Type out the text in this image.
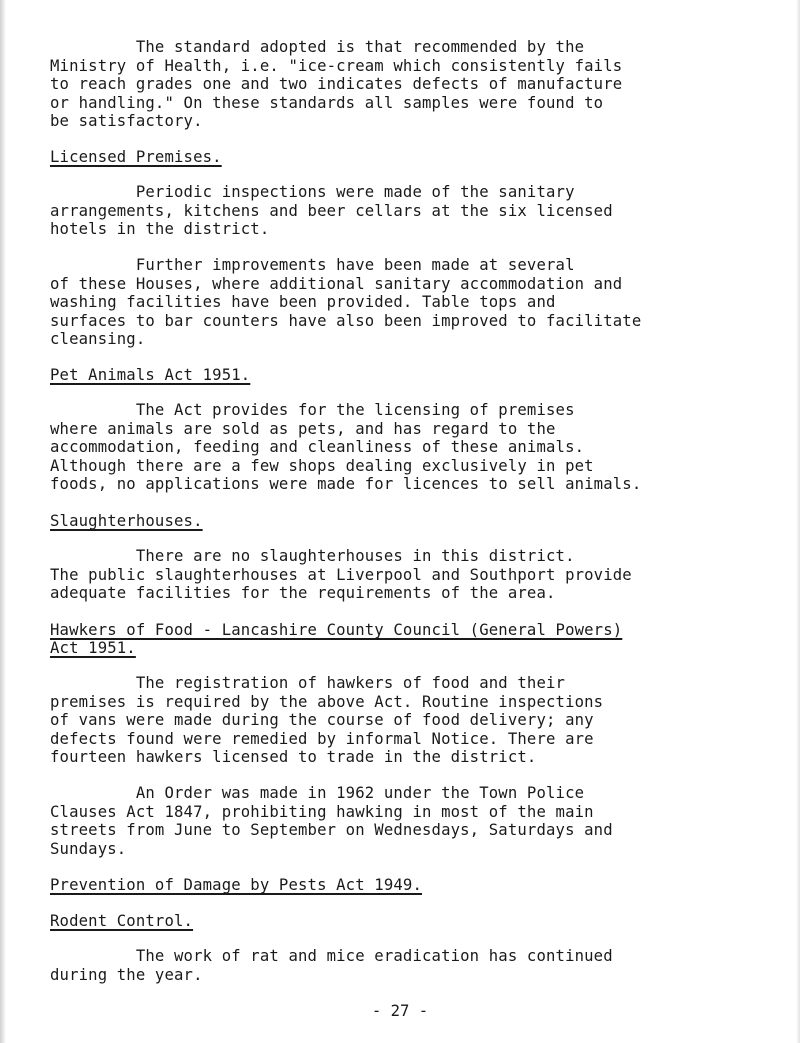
The standard adopted is that recommended by the
Ministry of Health, i.e. "ice-cream which consistently fails
to reach grades one and two indicates defects of manufacture
or handling." On these standards all samples were found to
be satisfactory.
Licensed Premises.
Periodic inspections were made of the sanitary
arrangements, kitchens and beer cellars at the six licensed
hotels in the district.
Further improvements have been made at several
of these Houses, where additional sanitary accommodation and
washing facilities have been provided. Table tops and
surfaces to bar counters have also been improved to facilitate
cleansing.
Pet Animals Act 1951.
The Act provides for the licensing of premises
where animals are sold as pets, and has regard to the
accommodation, feeding and cleanliness of these animals.
Although there are a few shops dealing exclusively in pet
foods, no applications were made for licences to sell animals.
Slaughterhouses.
There are no slaughterhouses in this district.
The public slaughterhouses at Liverpool and Southport provide
adequate facilities for the requirements of the area.
Hawkers of Food - Lancashire County Council (General Powers)
Act 1951.
The registration of hawkers of food and their
premises is required by the above Act. Routine inspections
of vans were made during the course of food delivery; any
defects found were remedied by informal Notice. There are
fourteen hawkers licensed to trade in the district.
An Order was made in 1962 under the Town Police
Clauses Act 1847, prohibiting hawking in most of the main
streets from June to September on Wednesdays, Saturdays and
Sundays.
Prevention of Damage by Pests Act 1949.
Rodent Control.
The work of rat and mice eradication has continued
during the year.
- 27 -
